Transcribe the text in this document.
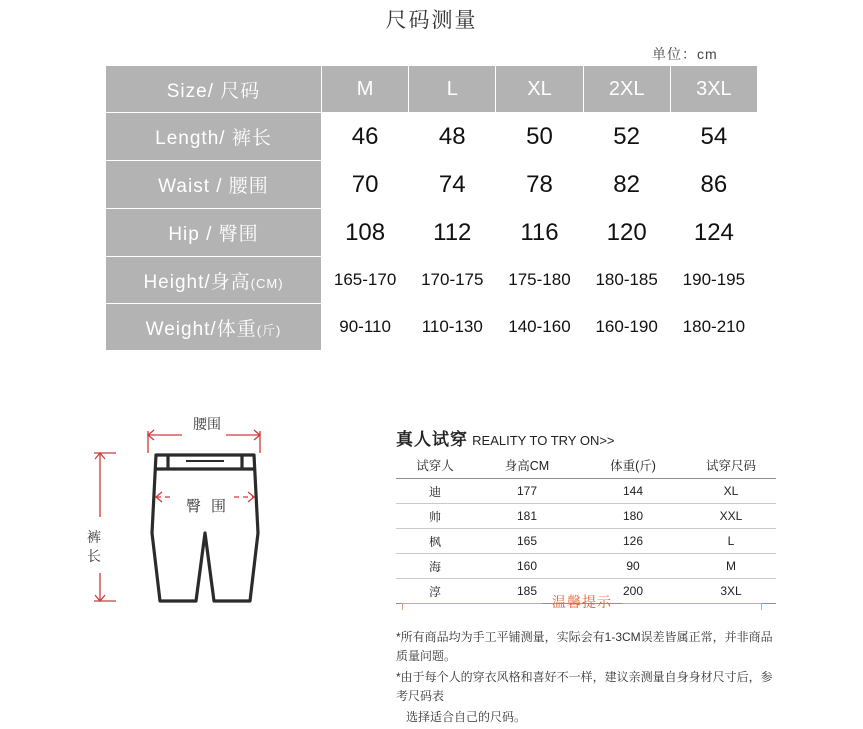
尺码测量
单位：cm
Size/ 尺码	M	L	XL	2XL	3XL
Length/ 裤长	46	48	50	52	54
Waist / 腰围	70	74	78	82	86
Hip / 臀围	108	112	116	120	124
Height/身高(CM)	165-170	170-175	175-180	180-185	190-195
Weight/体重(斤)	90-110	110-130	140-160	160-190	180-210
腰围
裤长
臀围
真人试穿 REALITY TO TRY ON>>
试穿人	身高CM	体重(斤)	试穿尺码
迪	177	144	XL
帅	181	180	XXL
枫	165	126	L
海	160	90	M
淳	185	200	3XL
温馨提示

*所有商品均为手工平铺测量，实际会有1-3CM误差皆属正常，并非商品质量问题。

*由于每个人的穿衣风格和喜好不一样，建议亲测量自身身材尺寸后，参考尺码表

选择适合自己的尺码。
